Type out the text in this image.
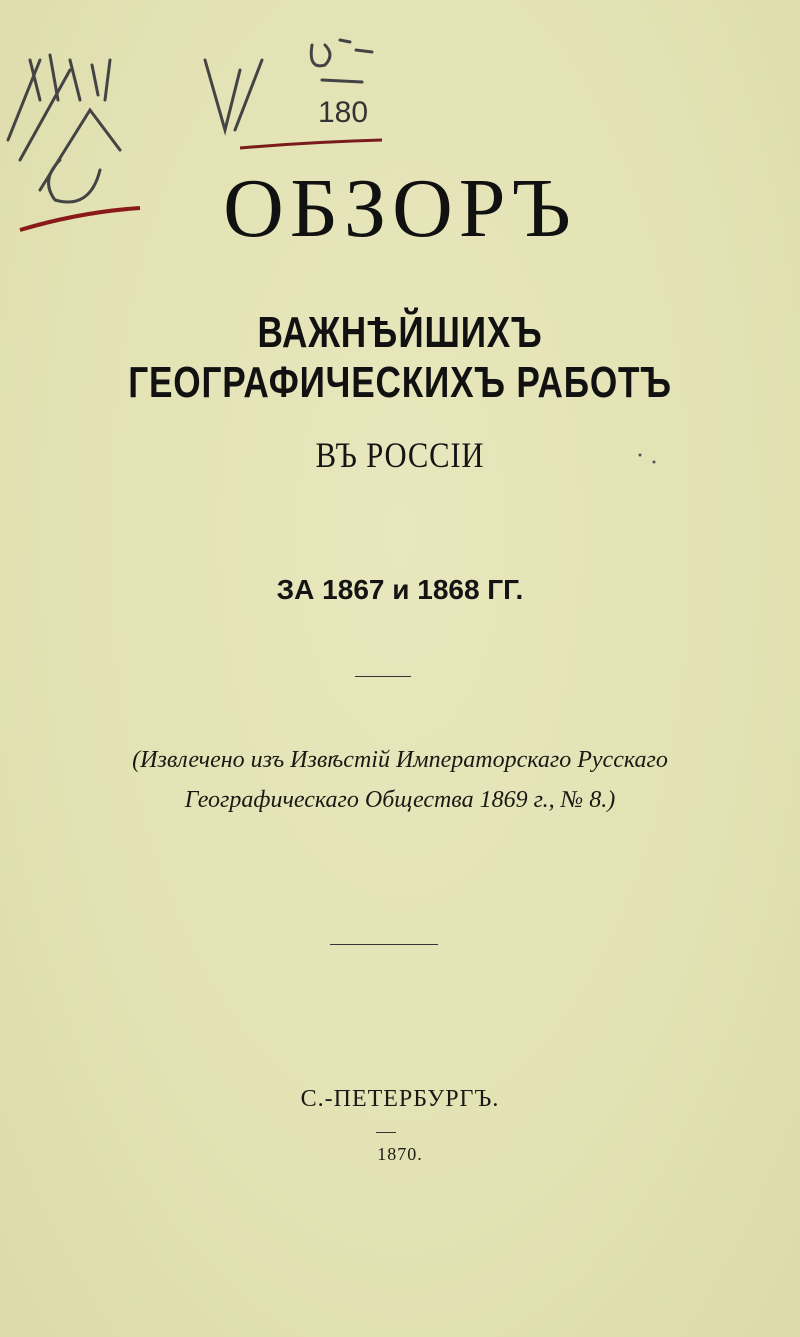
180
ОБЗОРЪ
ВАЖНѢЙШИХЪ ГЕОГРАФИЧЕСКИХЪ РАБОТЪ
ВЪ РОССІИ
ЗА 1867 и 1868 ГГ.
(Извлечено изъ Извѣстій Императорскаго Русскаго
Географическаго Общества 1869 г., № 8.)
С.-ПЕТЕРБУРГЪ.
1870.
